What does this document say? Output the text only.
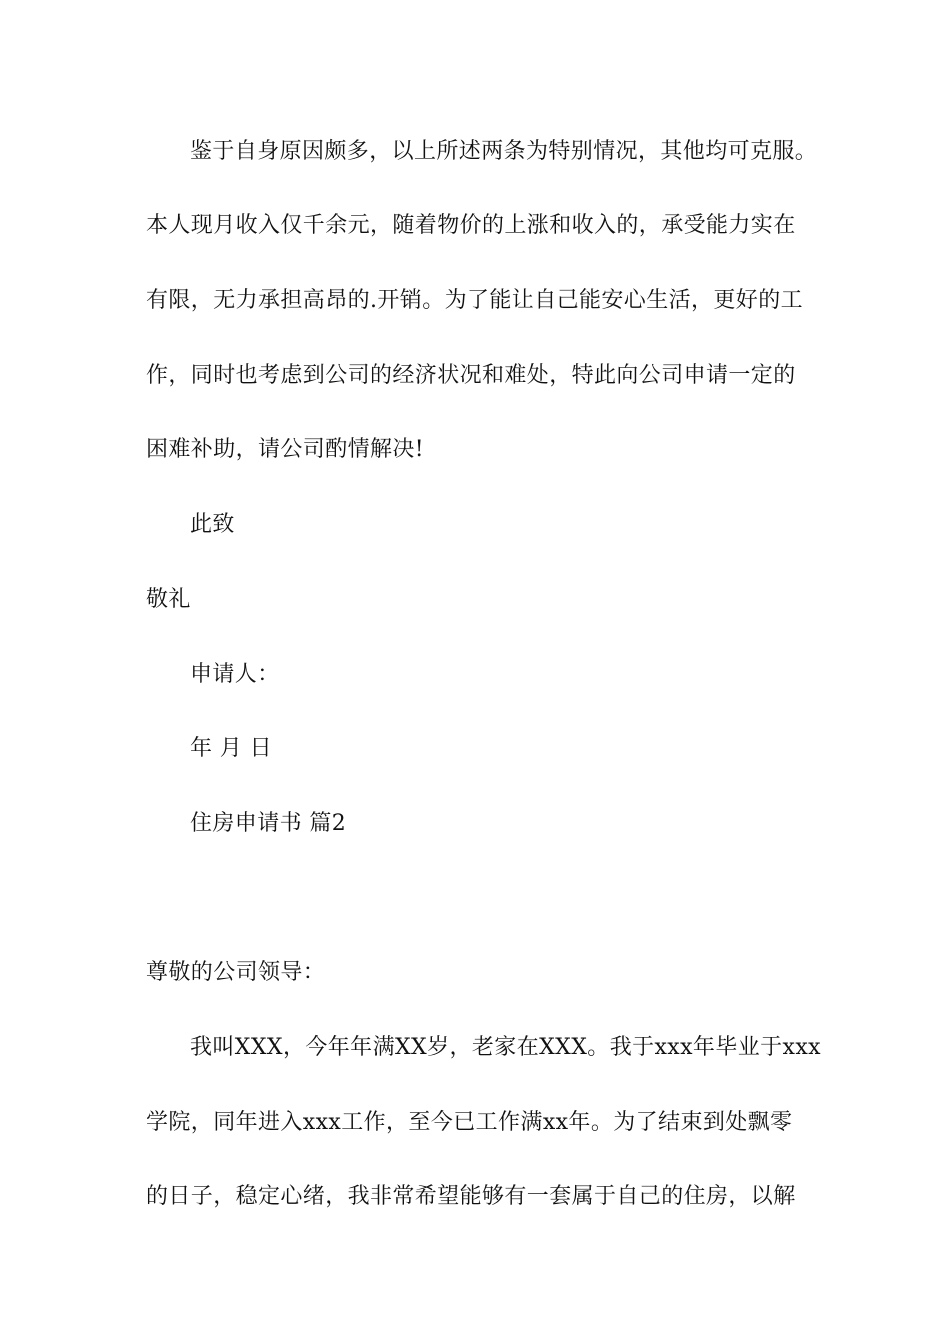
鉴于自身原因颇多，以上所述两条为特别情况，其他均可克服。
本人现月收入仅千余元，随着物价的上涨和收入的，承受能力实在
有限，无力承担高昂的.开销。为了能让自己能安心生活，更好的工
作，同时也考虑到公司的经济状况和难处，特此向公司申请一定的
困难补助，请公司酌情解决!
此致
敬礼
申请人：
年 月 日
住房申请书 篇2
尊敬的公司领导：
我叫XXX，今年年满XX岁，老家在XXX。我于xxx年毕业于xxx
学院，同年进入xxx工作，至今已工作满xx年。为了结束到处飘零
的日子，稳定心绪，我非常希望能够有一套属于自己的住房，以解
